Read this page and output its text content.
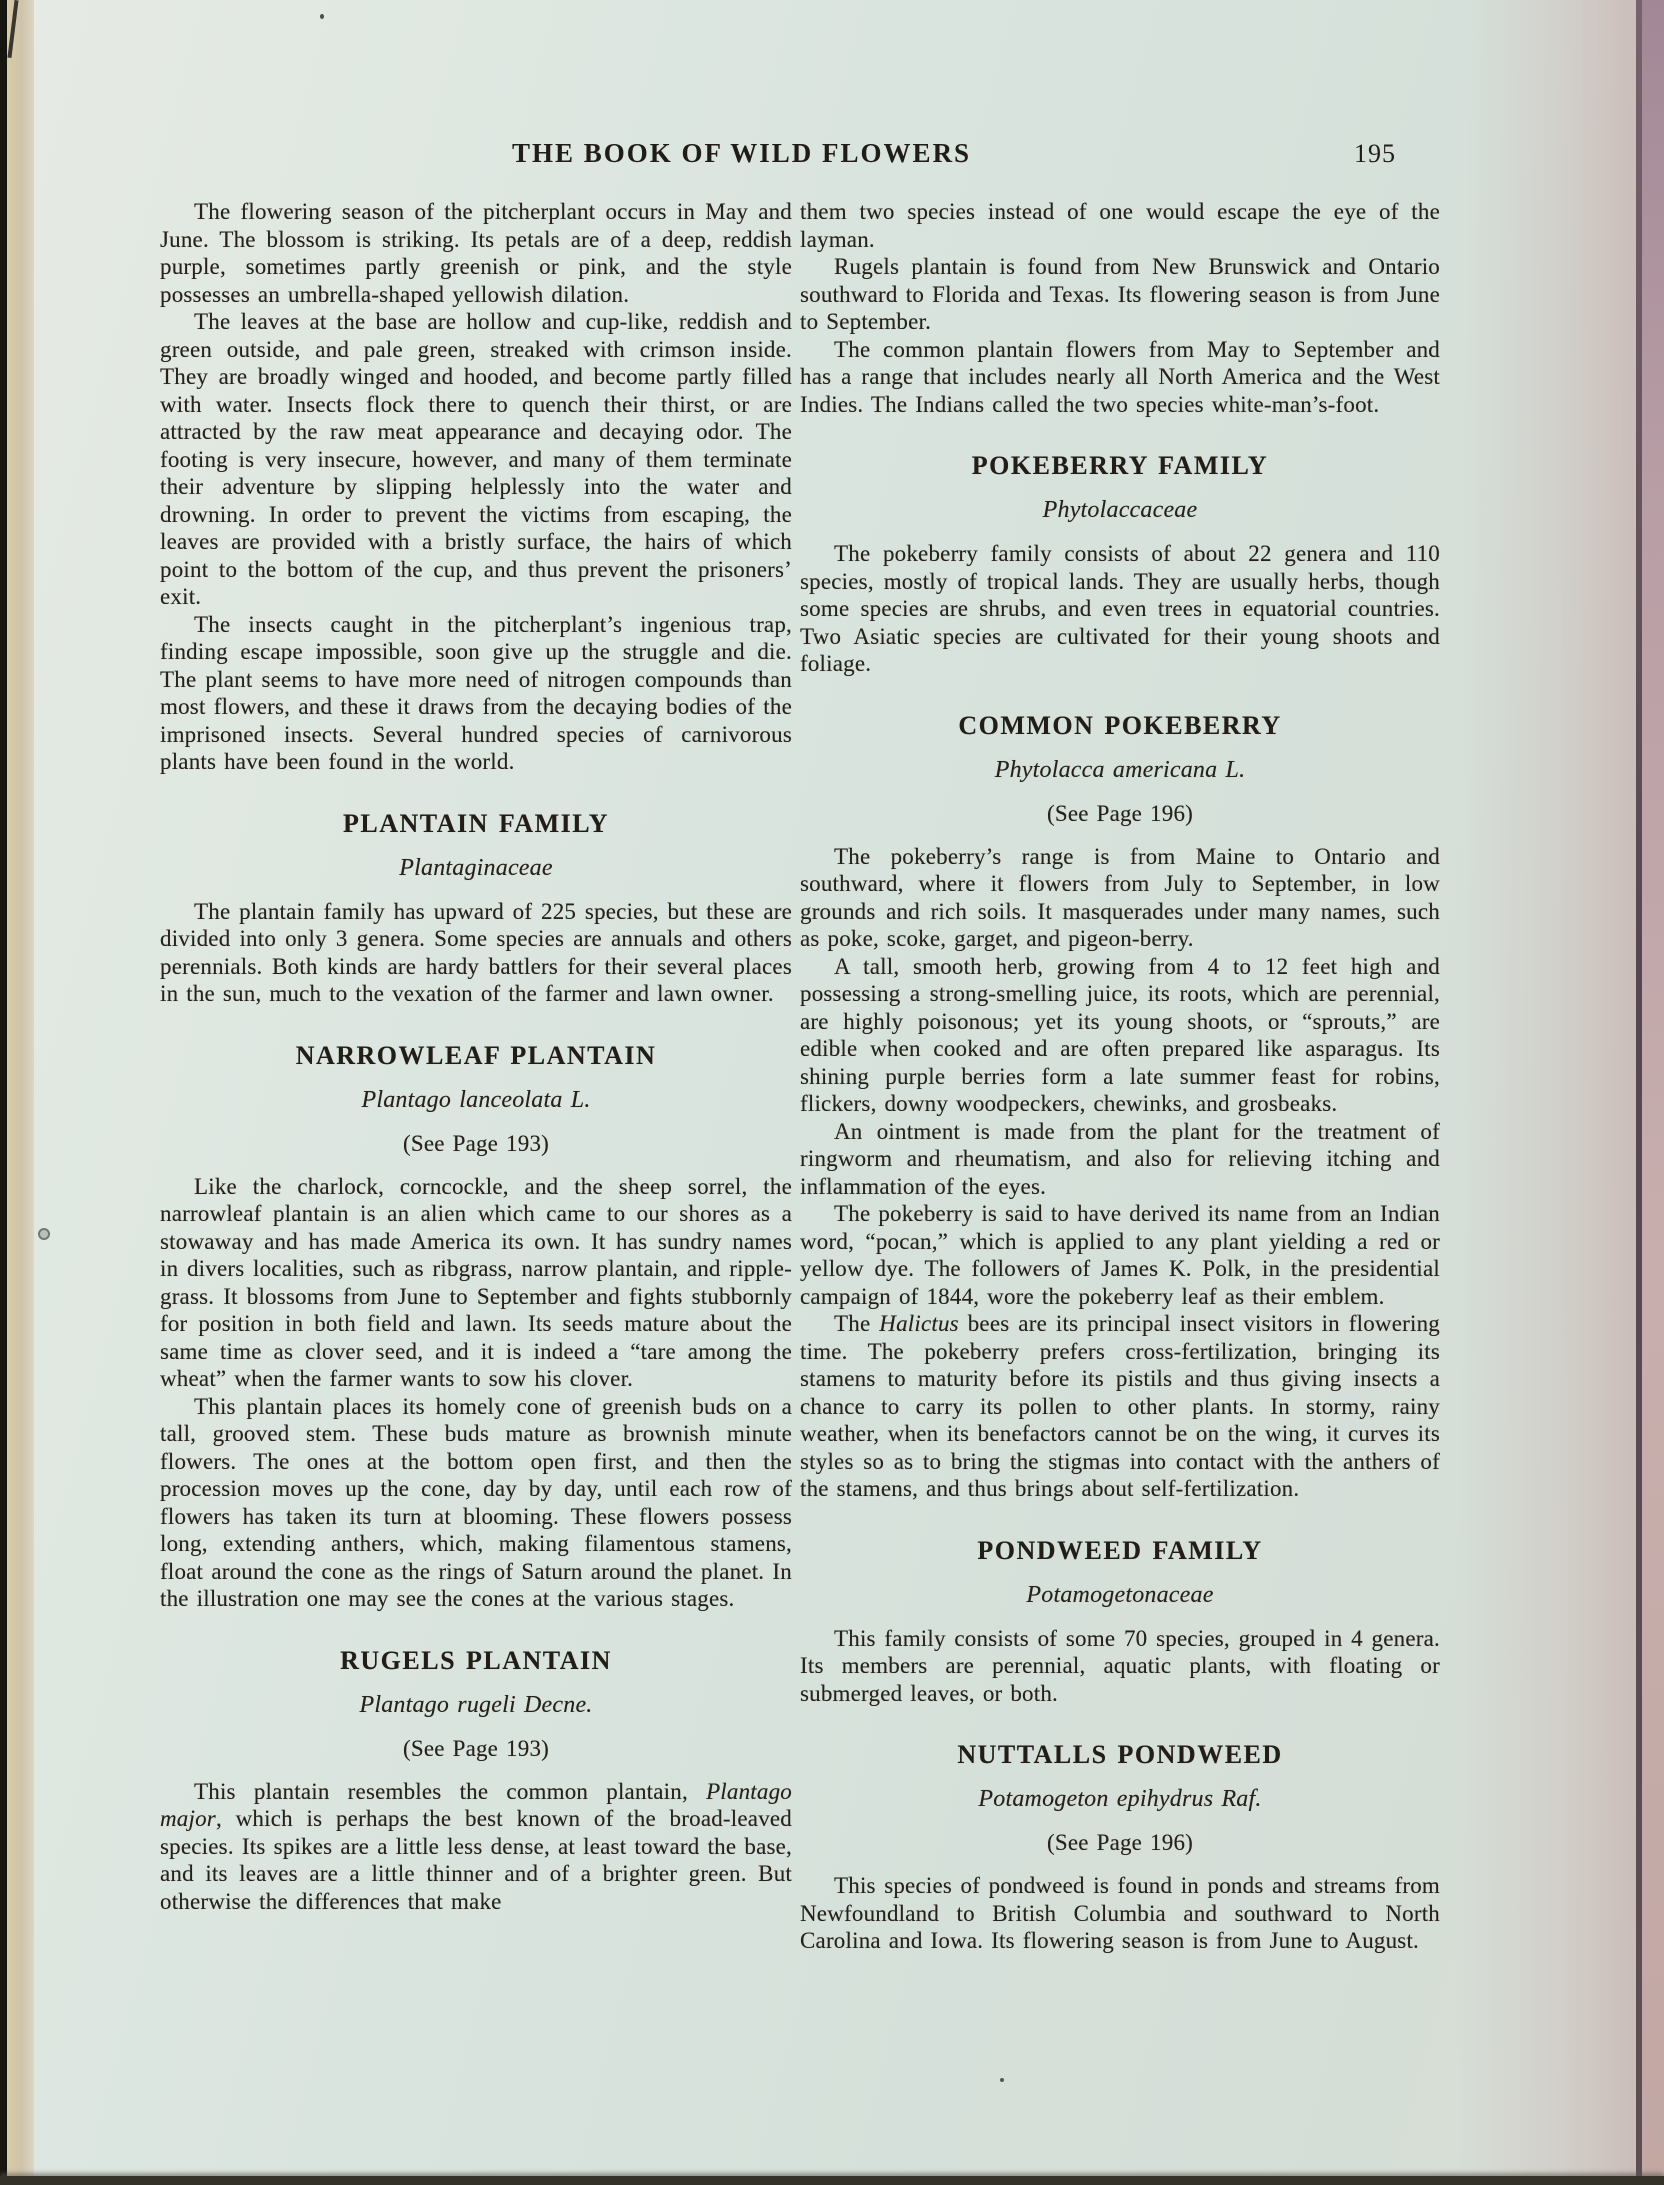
THE BOOK OF WILD FLOWERS	195

The flowering season of the pitcherplant occurs in May and June. The blossom is striking. Its petals are of a deep, reddish purple, sometimes partly greenish or pink, and the style possesses an umbrella-shaped yellowish dilation.

The leaves at the base are hollow and cup-like, reddish and green outside, and pale green, streaked with crimson inside. They are broadly winged and hooded, and become partly filled with water. Insects flock there to quench their thirst, or are attracted by the raw meat appearance and decaying odor. The footing is very insecure, however, and many of them terminate their adventure by slipping helplessly into the water and drowning. In order to prevent the victims from escaping, the leaves are provided with a bristly surface, the hairs of which point to the bottom of the cup, and thus prevent the prisoners’ exit.

The insects caught in the pitcherplant’s ingenious trap, finding escape impossible, soon give up the struggle and die. The plant seems to have more need of nitrogen compounds than most flowers, and these it draws from the decaying bodies of the imprisoned insects. Several hundred species of carnivorous plants have been found in the world.

PLANTAIN FAMILY
Plantaginaceae

The plantain family has upward of 225 species, but these are divided into only 3 genera. Some species are annuals and others perennials. Both kinds are hardy battlers for their several places in the sun, much to the vexation of the farmer and lawn owner.

NARROWLEAF PLANTAIN
Plantago lanceolata L.
(See Page 193)

Like the charlock, corncockle, and the sheep sorrel, the narrowleaf plantain is an alien which came to our shores as a stowaway and has made America its own. It has sundry names in divers localities, such as ribgrass, narrow plantain, and ripple-grass. It blossoms from June to September and fights stubbornly for position in both field and lawn. Its seeds mature about the same time as clover seed, and it is indeed a “tare among the wheat” when the farmer wants to sow his clover.

This plantain places its homely cone of greenish buds on a tall, grooved stem. These buds mature as brownish minute flowers. The ones at the bottom open first, and then the procession moves up the cone, day by day, until each row of flowers has taken its turn at blooming. These flowers possess long, extending anthers, which, making filamentous stamens, float around the cone as the rings of Saturn around the planet. In the illustration one may see the cones at the various stages.

RUGELS PLANTAIN
Plantago rugeli Decne.
(See Page 193)

This plantain resembles the common plantain, Plantago major, which is perhaps the best known of the broad-leaved species. Its spikes are a little less dense, at least toward the base, and its leaves are a little thinner and of a brighter green. But otherwise the differences that make

them two species instead of one would escape the eye of the layman.

Rugels plantain is found from New Brunswick and Ontario southward to Florida and Texas. Its flowering season is from June to September.

The common plantain flowers from May to September and has a range that includes nearly all North America and the West Indies. The Indians called the two species white-man’s-foot.

POKEBERRY FAMILY
Phytolaccaceae

The pokeberry family consists of about 22 genera and 110 species, mostly of tropical lands. They are usually herbs, though some species are shrubs, and even trees in equatorial countries. Two Asiatic species are cultivated for their young shoots and foliage.

COMMON POKEBERRY
Phytolacca americana L.
(See Page 196)

The pokeberry’s range is from Maine to Ontario and southward, where it flowers from July to September, in low grounds and rich soils. It masquerades under many names, such as poke, scoke, garget, and pigeon-berry.

A tall, smooth herb, growing from 4 to 12 feet high and possessing a strong-smelling juice, its roots, which are perennial, are highly poisonous; yet its young shoots, or “sprouts,” are edible when cooked and are often prepared like asparagus. Its shining purple berries form a late summer feast for robins, flickers, downy woodpeckers, chewinks, and grosbeaks.

An ointment is made from the plant for the treatment of ringworm and rheumatism, and also for relieving itching and inflammation of the eyes.

The pokeberry is said to have derived its name from an Indian word, “pocan,” which is applied to any plant yielding a red or yellow dye. The followers of James K. Polk, in the presidential campaign of 1844, wore the pokeberry leaf as their emblem.

The Halictus bees are its principal insect visitors in flowering time. The pokeberry prefers cross-fertilization, bringing its stamens to maturity before its pistils and thus giving insects a chance to carry its pollen to other plants. In stormy, rainy weather, when its benefactors cannot be on the wing, it curves its styles so as to bring the stigmas into contact with the anthers of the stamens, and thus brings about self-fertilization.

PONDWEED FAMILY
Potamogetonaceae

This family consists of some 70 species, grouped in 4 genera. Its members are perennial, aquatic plants, with floating or submerged leaves, or both.

NUTTALLS PONDWEED
Potamogeton epihydrus Raf.
(See Page 196)

This species of pondweed is found in ponds and streams from Newfoundland to British Columbia and southward to North Carolina and Iowa. Its flowering season is from June to August.
